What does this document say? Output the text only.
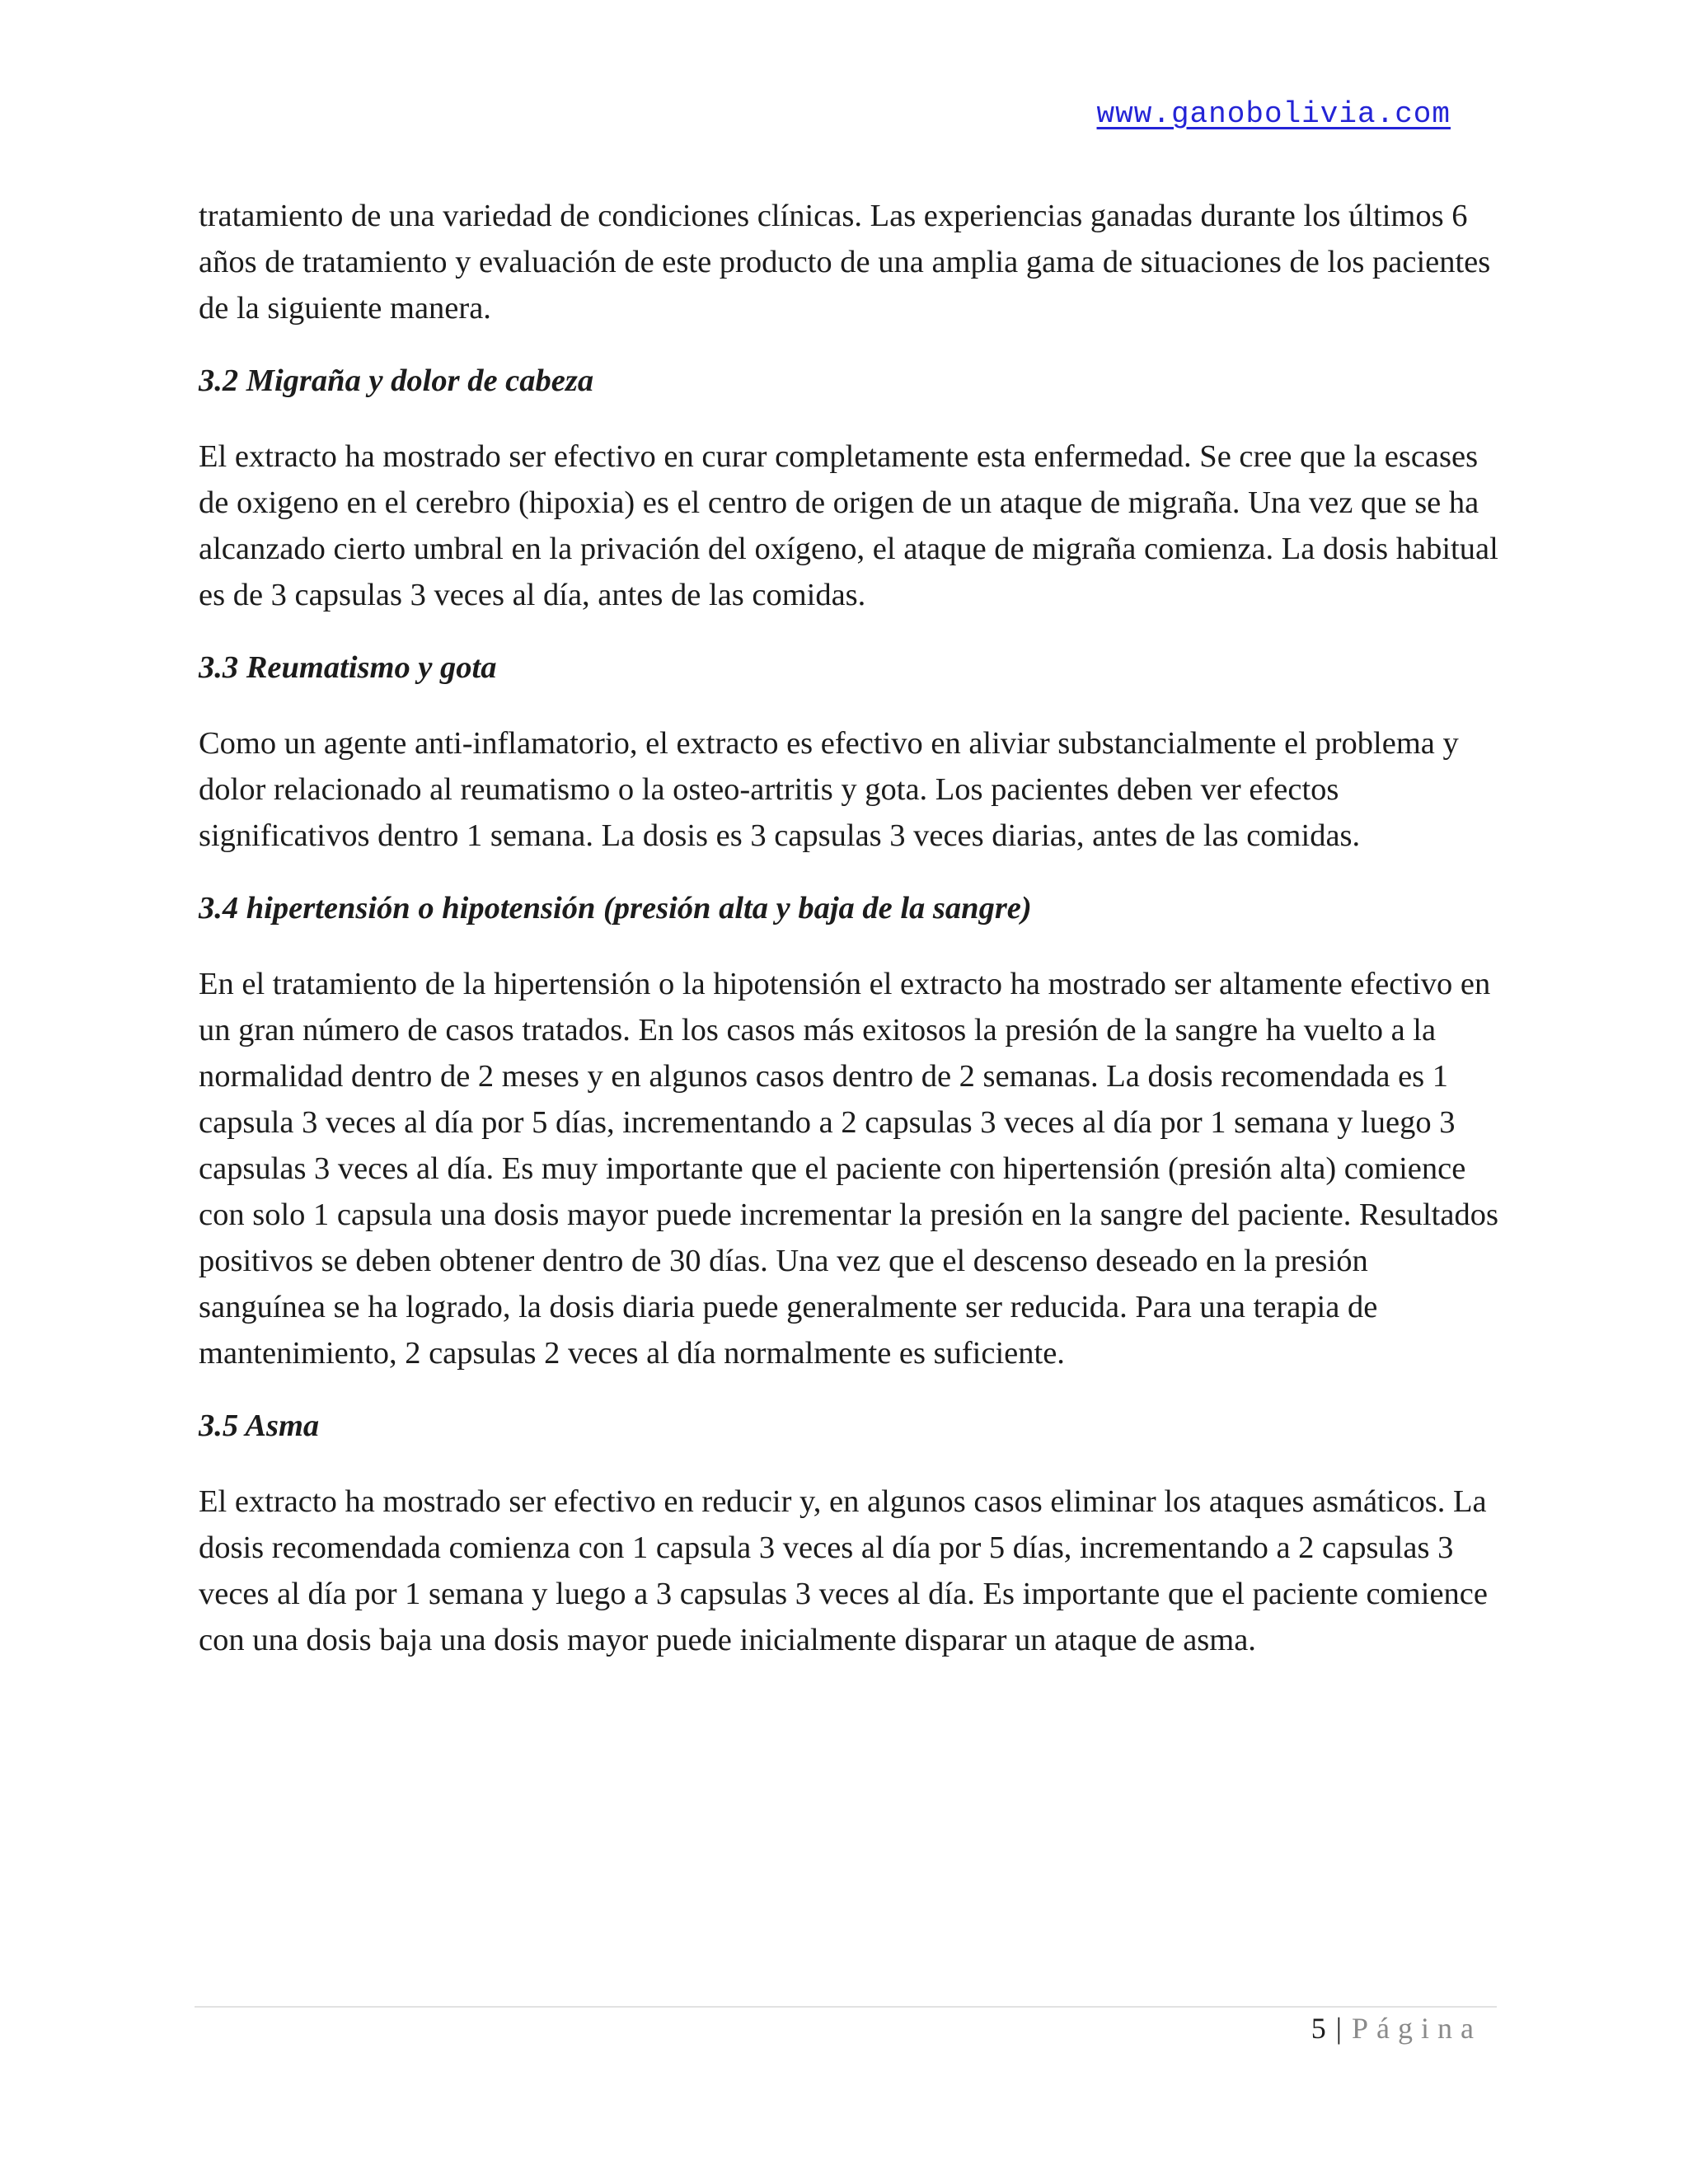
www.ganobolivia.com

tratamiento de una variedad de condiciones clínicas. Las experiencias ganadas durante los últimos 6 años de tratamiento y evaluación de este producto de una amplia gama de situaciones de los pacientes de la siguiente manera.

3.2 Migraña y dolor de cabeza

El extracto ha mostrado ser efectivo en curar completamente esta enfermedad. Se cree que la escases de oxigeno en el cerebro (hipoxia) es el centro de origen de un ataque de migraña. Una vez que se ha alcanzado cierto umbral en la privación del oxígeno, el ataque de migraña comienza. La dosis habitual es de 3 capsulas 3 veces al día, antes de las comidas.

3.3 Reumatismo y gota

Como un agente anti-inflamatorio, el extracto es efectivo en aliviar substancialmente el problema y dolor relacionado al reumatismo o la osteo-artritis y gota. Los pacientes deben ver efectos significativos dentro 1 semana. La dosis es 3 capsulas 3 veces diarias, antes de las comidas.

3.4 hipertensión o hipotensión (presión alta y baja de la sangre)

En el tratamiento de la hipertensión o la hipotensión el extracto ha mostrado ser altamente efectivo en un gran número de casos tratados. En los casos más exitosos la presión de la sangre ha vuelto a la normalidad dentro de 2 meses y en algunos casos dentro de 2 semanas. La dosis recomendada es 1 capsula 3 veces al día por 5 días, incrementando a 2 capsulas 3 veces al día por 1 semana y luego 3 capsulas 3 veces al día. Es muy importante que el paciente con hipertensión (presión alta) comience con solo 1 capsula una dosis mayor puede incrementar la presión en la sangre del paciente. Resultados positivos se deben obtener dentro de 30 días. Una vez que el descenso deseado en la presión sanguínea se ha logrado, la dosis diaria puede generalmente ser reducida. Para una terapia de mantenimiento, 2 capsulas 2 veces al día normalmente es suficiente.

3.5 Asma

El extracto ha mostrado ser efectivo en reducir y, en algunos casos eliminar los ataques asmáticos. La dosis recomendada comienza con 1 capsula 3 veces al día por 5 días, incrementando a 2 capsulas 3 veces al día por 1 semana y luego a 3 capsulas 3 veces al día. Es importante que el paciente comience con una dosis baja una dosis mayor puede inicialmente disparar un ataque de asma.

5 | Página
